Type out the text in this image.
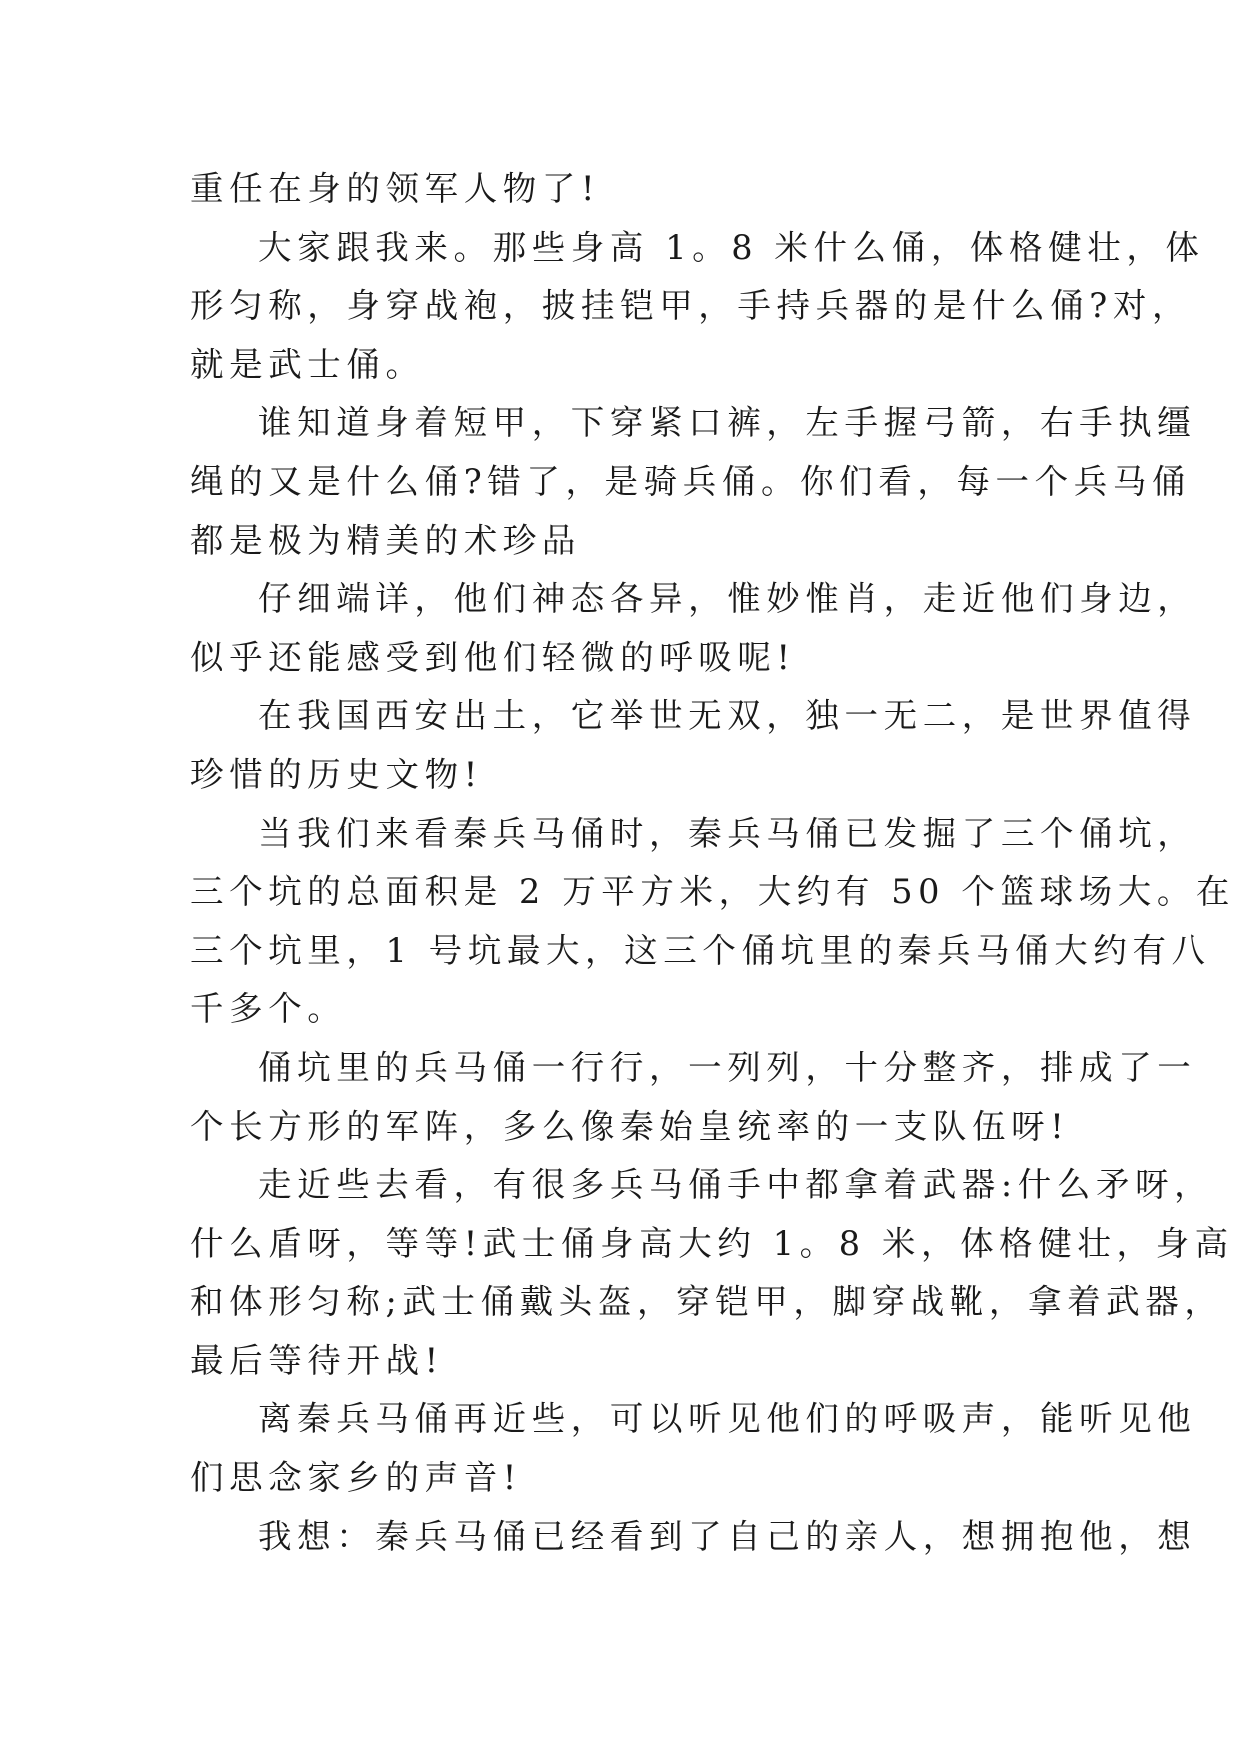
重任在身的领军人物了!
大家跟我来。那些身高 1。8 米什么俑，体格健壮，体
形匀称，身穿战袍，披挂铠甲，手持兵器的是什么俑?对，
就是武士俑。
谁知道身着短甲，下穿紧口裤，左手握弓箭，右手执缰
绳的又是什么俑?错了，是骑兵俑。你们看，每一个兵马俑
都是极为精美的术珍品
仔细端详，他们神态各异，惟妙惟肖，走近他们身边，
似乎还能感受到他们轻微的呼吸呢!
在我国西安出土，它举世无双，独一无二，是世界值得
珍惜的历史文物!
当我们来看秦兵马俑时，秦兵马俑已发掘了三个俑坑，
三个坑的总面积是 2 万平方米，大约有 50 个篮球场大。在
三个坑里，1 号坑最大，这三个俑坑里的秦兵马俑大约有八
千多个。
俑坑里的兵马俑一行行，一列列，十分整齐，排成了一
个长方形的军阵，多么像秦始皇统率的一支队伍呀!
走近些去看，有很多兵马俑手中都拿着武器:什么矛呀，
什么盾呀，等等!武士俑身高大约 1。8 米，体格健壮，身高
和体形匀称;武士俑戴头盔，穿铠甲，脚穿战靴，拿着武器，
最后等待开战!
离秦兵马俑再近些，可以听见他们的呼吸声，能听见他
们思念家乡的声音!
我想：秦兵马俑已经看到了自己的亲人，想拥抱他，想
